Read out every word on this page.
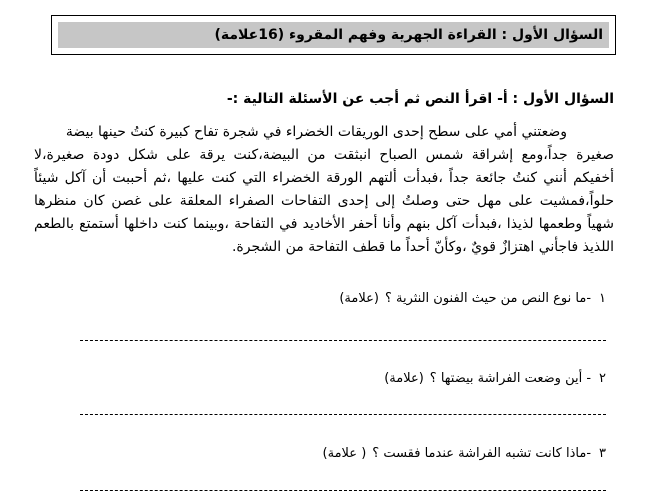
السؤال الأول : القراءة الجهرية وفهم المقروء (16علامة)
السؤال الأول : أ- اقرأ النص ثم أجب عن الأسئلة التالية :-
وضعتني أمي على سطح إحدى الوريقات الخضراء في شجرة تفاح كبيرة كنتُ حينها بيضة
صغيرة جداً،ومع إشراقة شمس الصباح انبثقت من البيضة،كنت يرقة على شكل دودة صغيرة،لا
أخفيكم أنني كنتُ جائعة جداً ،فبدأت ألتهم الورقة الخضراء التي كنت عليها ،ثم أحببت أن آكل شيئاً
حلواً،فمشيت على مهل حتى وصلتُ إلى إحدى التفاحات الصفراء المعلقة على غصن كان منظرها
شهياً وطعمها لذيذا ،فبدأت آكل بنهم وأنا أحفر الأخاديد في التفاحة ،وبينما كنت داخلها أستمتع بالطعم
اللذيذ فاجأني اهتزازٌ قويٌ ،وكأنّ أحداً ما قطف التفاحة من الشجرة.
١-ما نوع النص من حيث الفنون النثرية ؟(علامة)
٢- أين وضعت الفراشة بيضتها ؟(علامة)
٣-ماذا كانت تشبه الفراشة عندما فقست ؟( علامة)
